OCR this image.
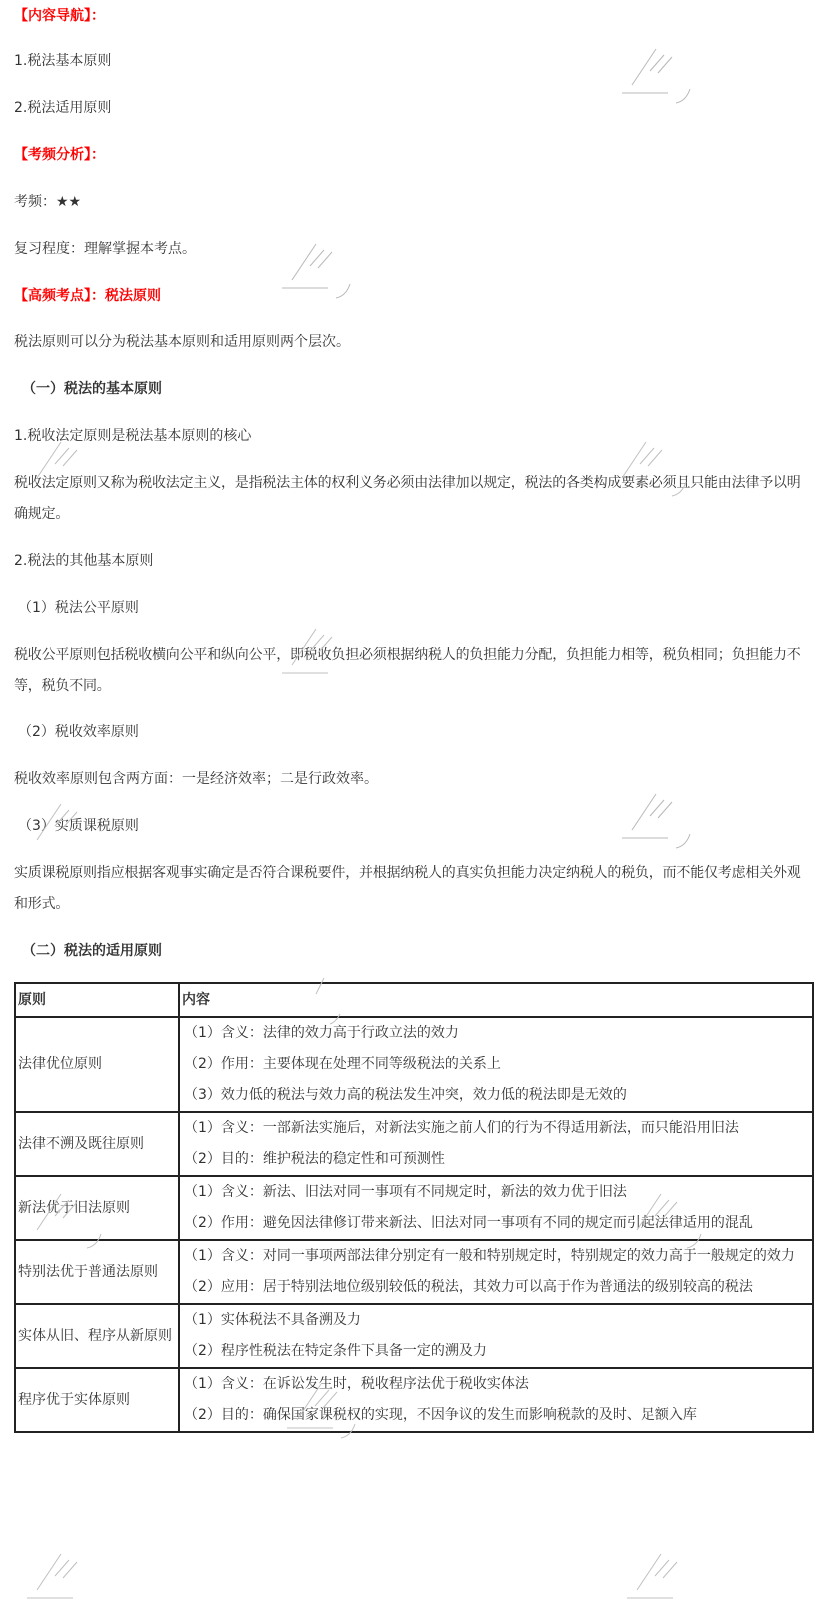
【内容导航】：
1.税法基本原则
2.税法适用原则
【考频分析】：
考频：★★
复习程度：理解掌握本考点。
【高频考点】：税法原则
税法原则可以分为税法基本原则和适用原则两个层次。
（一）税法的基本原则
1.税收法定原则是税法基本原则的核心
税收法定原则又称为税收法定主义，是指税法主体的权利义务必须由法律加以规定，税法的各类构成要素必须且只能由法律予以明确规定。
2.税法的其他基本原则
（1）税法公平原则
税收公平原则包括税收横向公平和纵向公平，即税收负担必须根据纳税人的负担能力分配，负担能力相等，税负相同；负担能力不等，税负不同。
（2）税收效率原则
税收效率原则包含两方面：一是经济效率；二是行政效率。
（3）实质课税原则
实质课税原则指应根据客观事实确定是否符合课税要件，并根据纳税人的真实负担能力决定纳税人的税负，而不能仅考虑相关外观和形式。
（二）税法的适用原则
原则	内容
法律优位原则	（1）含义：法律的效力高于行政立法的效力
（2）作用：主要体现在处理不同等级税法的关系上
（3）效力低的税法与效力高的税法发生冲突，效力低的税法即是无效的

法律不溯及既往原则	（1）含义：一部新法实施后，对新法实施之前人们的行为不得适用新法，而只能沿用旧法
（2）目的：维护税法的稳定性和可预测性

新法优于旧法原则	（1）含义：新法、旧法对同一事项有不同规定时，新法的效力优于旧法
（2）作用：避免因法律修订带来新法、旧法对同一事项有不同的规定而引起法律适用的混乱

特别法优于普通法原则	（1）含义：对同一事项两部法律分别定有一般和特别规定时，特别规定的效力高于一般规定的效力
（2）应用：居于特别法地位级别较低的税法，其效力可以高于作为普通法的级别较高的税法

实体从旧、程序从新原则	（1）实体税法不具备溯及力
（2）程序性税法在特定条件下具备一定的溯及力

程序优于实体原则	（1）含义：在诉讼发生时，税收程序法优于税收实体法
（2）目的：确保国家课税权的实现，不因争议的发生而影响税款的及时、足额入库
